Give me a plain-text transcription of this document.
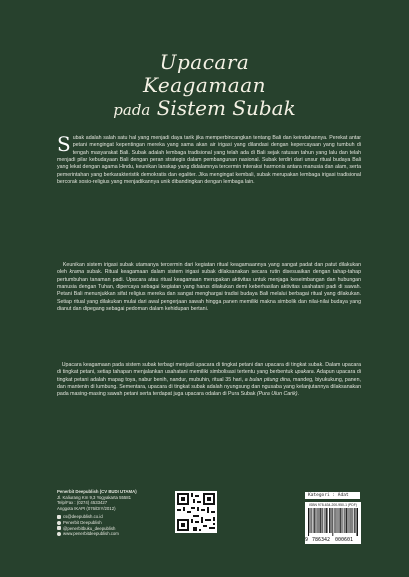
Upacara
Keagamaan
pada Sistem Subak
Subak adalah salah satu hal yang menjadi daya tarik jika memperbincangkan tentang Bali dan keindahannya. Perekat antar petani mengingat kepentingan mereka yang sama akan air irigasi yang dilandasi dengan kepercayaan yang tumbuh di tengah masyarakat Bali. Subak adalah lembaga tradisional yang telah ada di Bali sejak ratusan tahun yang lalu dan telah menjadi pilar kebudayaan Bali dengan peran strategis dalam pembangunan nasional. Subak terdiri dari unsur ritual budaya Bali yang lekat dengan agama Hindu, keunikan lanskap yang didalamnya tercermin interaksi harmonis antara manusia dan alam, serta pemerintahan yang berkarakteristik demokratis dan egaliter. Jika mengingat kembali, subak merupakan lembaga irigasi tradisional bercorak sosio-religius yang menjadikannya unik dibandingkan dengan lembaga lain.
Keunikan sistem irigasi subak utamanya tercermin dari kegiatan ritual keagamaannya yang sangat padat dan patut dilakukan oleh krama subak. Ritual keagamaan dalam sistem irigasi subak dilaksanakan secara rutin disesuaikan dengan tahap-tahap pertumbuhan tanaman padi. Upacara atau ritual keagamaan merupakan aktivitas untuk menjaga keseimbangan dan hubungan manusia dengan Tuhan, dipercaya sebagai kegiatan yang harus dilakukan demi keberhasilan aktivitas usahatani padi di sawah. Petani Bali menunjukkan sifat religius mereka dan sangat menghargai tradisi budaya Bali melalui berbagai ritual yang dilakukan. Setiap ritual yang dilakukan mulai dari awal pengerjaan sawah hingga panen memiliki makna simbolik dan nilai-nilai budaya yang dianut dan dipegang sebagai pedoman dalam kehidupan bertani.
Upacara keagamaan pada sistem subak terbagi menjadi upacara di tingkat petani dan upacara di tingkat subak. Dalam upacara di tingkat petani, setiap tahapan menjalankan usahatani memiliki simbolisasi tertentu yang berbentuk upakara. Adapun upacara di tingkat petani adalah mapag toya, nabur benih, nandur, mubuhin, ritual 35 hari, a bulan pitung dina, mandeg, biyukukung, panen, dan mantenin di lumbung. Sementara, upacara di tingkat subak adalah nyungsung dan ngusaba yang kelanjutannya dilaksanakan pada masing-masing sawah petani serta terdapat juga upacara odalan di Pura Subak (Pura Ulun Carik).
Penerbit Deepublish (CV BUDI UTAMA)
Jl. Kaliurang Km 9,3 Yogyakarta 55581
Telp/Fax : (0274) 4533427
Anggota IKAPI (076/DIY/2012)
cs@deepublish.co.id
Penerbit Deepublish
@penerbitbuku_deepublish
www.penerbitdeepublish.com
Kategori : Adat
ISBN 978-634-200-950-1 (PDF)
9 786342 000601
